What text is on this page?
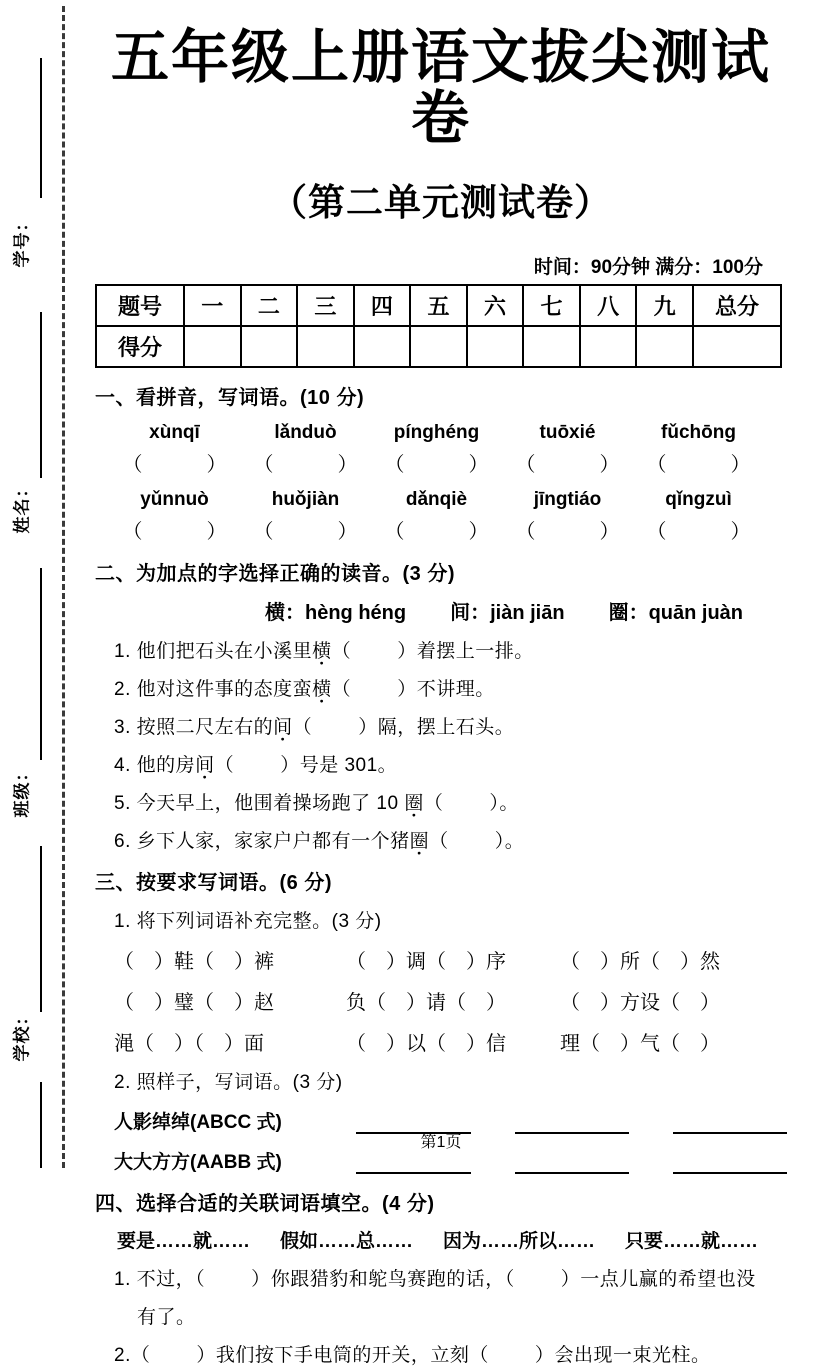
学号：
姓名：
班级：
学校：
五年级上册语文拔尖测试卷
（第二单元测试卷）
时间：90分钟 满分：100分
题号	一	二	三	四	五	六	七	八	九	总分
得分										
一、看拼音，写词语。(10 分)
xùnqī	lǎnduò	pínghéng	tuōxié	fǔchōng
（	）	（	）	（	）	（	）	（	）
yǔnnuò	huǒjiàn	dǎnqiè	jīngtiáo	qǐngzuì
（	）	（	）	（	）	（	）	（	）
二、为加点的字选择正确的读音。(3 分)
横：hèng héng 间：jiàn jiān 圈：quān juàn
1. 他们把石头在小溪里横 ●（ ）着摆上一排。
2. 他对这件事的态度蛮横 ●（ ）不讲理。
3. 按照二尺左右的间 ●（ ）隔，摆上石头。
4. 他的房间 ●（ ）号是 301。
5. 今天早上，他围着操场跑了 10 圈 ●（ ）。
6. 乡下人家，家家户户都有一个猪圈 ●（ ）。
三、按要求写词语。(6 分)
1. 将下列词语补充完整。(3 分)
（　）鞋（　）裤	（　）调（　）序	（　）所（　）然
（　）璧（　）赵	负（　）请（　）	（　）方设（　）
渑（　）（　）面	（　）以（　）信	理（　）气（　）
2. 照样子，写词语。(3 分)
人影绰绰(ABCC 式)
大大方方(AABB 式)
四、选择合适的关联词语填空。(4 分)
要是……就…… 假如……总…… 因为……所以…… 只要……就……
1. 不过，（ ）你跟猎豹和鸵鸟赛跑的话，（ ）一点儿赢的希望也没
有了。
2.（ ）我们按下手电筒的开关，立刻（ ）会出现一束光柱。
第1页
